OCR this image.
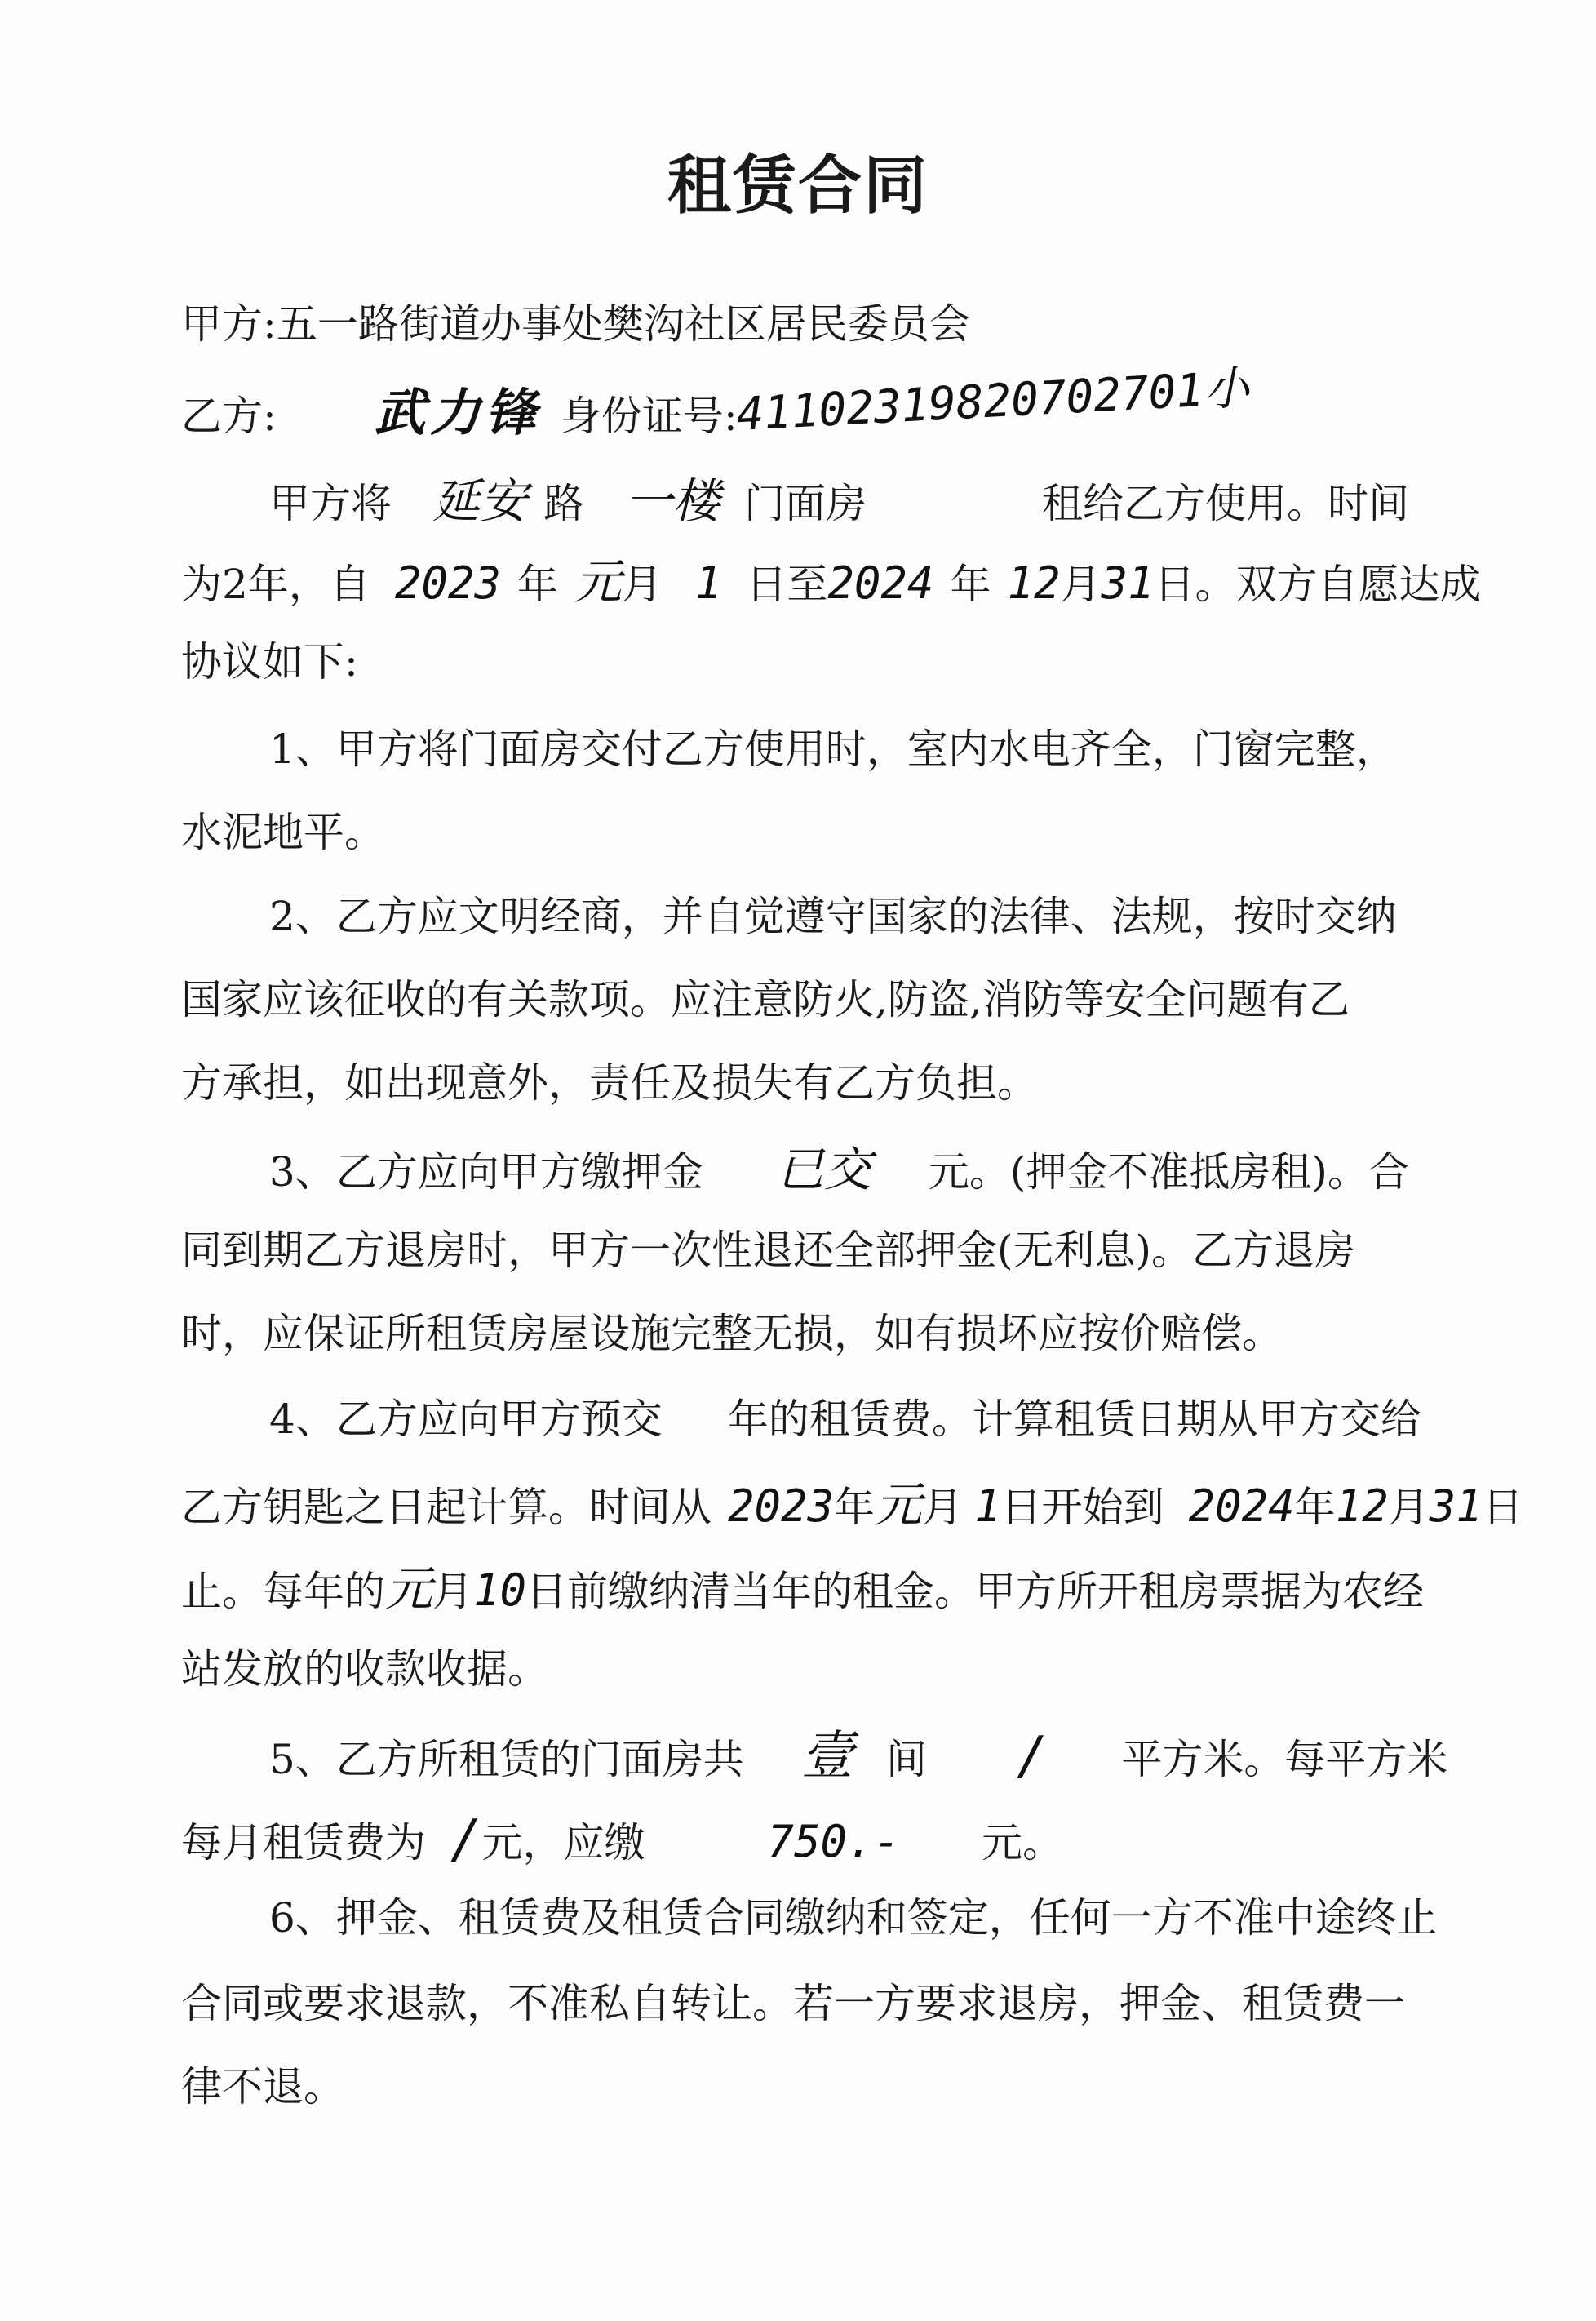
租赁合同
甲方:五一路街道办事处樊沟社区居民委员会
乙方: 武力锋 身份证号:41102319820702701小
甲方将 延安 路 一楼 门面房	租给乙方使用。时间
为2年，自 2023 年 元月 1 日至2024 年 12月31日。双方自愿达成
协议如下:
1、甲方将门面房交付乙方使用时，室内水电齐全，门窗完整，
水泥地平。
2、乙方应文明经商，并自觉遵守国家的法律、法规，按时交纳
国家应该征收的有关款项。应注意防火,防盗,消防等安全问题有乙
方承担，如出现意外，责任及损失有乙方负担。
3、乙方应向甲方缴押金 已交 元。(押金不准抵房租)。合
同到期乙方退房时，甲方一次性退还全部押金(无利息)。乙方退房
时，应保证所租赁房屋设施完整无损，如有损坏应按价赔偿。
4、乙方应向甲方预交 年的租赁费。计算租赁日期从甲方交给
乙方钥匙之日起计算。时间从 2023年元月 1日开始到 2024年12月31日
止。每年的元月10日前缴纳清当年的租金。甲方所开租房票据为农经
站发放的收款收据。
5、乙方所租赁的门面房共 壹 间 / 平方米。每平方米
每月租赁费为 /元，应缴	750.- 元。
6、押金、租赁费及租赁合同缴纳和签定，任何一方不准中途终止
合同或要求退款，不准私自转让。若一方要求退房，押金、租赁费一
律不退。
